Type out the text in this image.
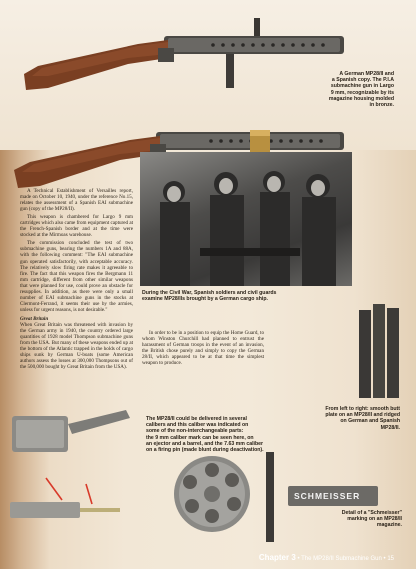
A German MP28/II and
a Spanish copy. The P.I.A
submachine gun in Largo
9 mm, recognizable by its
magazine housing molded
in bronze.
During the Civil War, Spanish soldiers and civil guards
examine MP28/IIs brought by a German cargo ship.

A Technical Establishment of Versailles report, made on October 10, 1940, under the reference No.15, relates the assessment of a Spanish EAI submachine gun (copy of the MP28/II).

This weapon is chambered for Largo 9 mm cartridges which also came from equipment captured at the French-Spanish border and at the time were stocked at the Mirmoas warehouse.

The commission concluded the test of two submachine guns, bearing the numbers 1A and 88A, with the following comment: "The EAI submachine gun operated satisfactorily, with acceptable accuracy. The relatively slow firing rate makes it agreeable to fire. The fact that this weapon fires the Bergmann 11 mm cartridge, different from other similar weapons that were planned for use, could prove an obstacle for resupplies. In addition, as there were only a small number of EAI submachine guns in the stocks at Clermont-Ferrand, it seems their use by the armies, unless for urgent reasons, is not desirable."

Great Britain

When Great Britain was threatened with invasion by the German army in 1940, the country ordered large quantities of 1928 model Thompson submachine guns from the USA. But many of these weapons ended up at the bottom of the Atlantic trapped in the holds of cargo ships sunk by German U-boats (some American authors assess the losses at 300,000 Thompsons out of the 500,000 bought by Great Britain from the USA).

In order to be in a position to equip the Home Guard, to whom Winston Churchill had planned to entrust the harassment of German troops in the event of an invasion, the British chose purely and simply to copy the German 28/II, which appeared to be at that time the simplest weapon to produce.

The MP28/II could be delivered in several
calibers and this caliber was indicated on
some of the non-interchangeable parts:
the 9 mm caliber mark can be seen here, on
an ejector and a barrel, and the 7.63 mm caliber
on a firing pin (made blunt during deactivation).
From left to right: smooth butt
plate on an MP28/II and ridged
on German and Spanish
MP28/II.
SCHMEISSER
Detail of a "Schmeisser"
marking on an MP28/II
magazine.
Chapter 3 • The MP28/II Submachine Gun • 15
